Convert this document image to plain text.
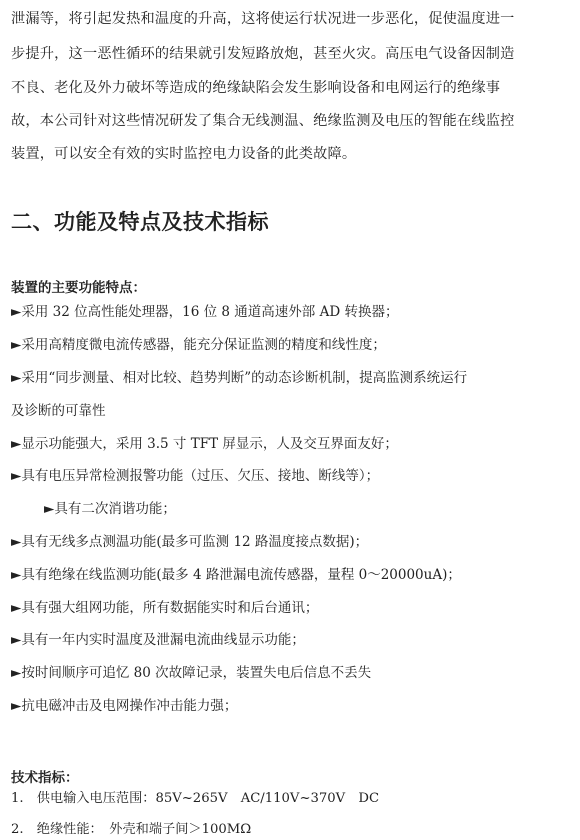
泄漏等，将引起发热和温度的升高，这将使运行状况进一步恶化，促使温度进一
步提升，这一恶性循环的结果就引发短路放炮，甚至火灾。高压电气设备因制造
不良、老化及外力破坏等造成的绝缘缺陷会发生影响设备和电网运行的绝缘事
故，本公司针对这些情况研发了集合无线测温、绝缘监测及电压的智能在线监控
装置，可以安全有效的实时监控电力设备的此类故障。
二、功能及特点及技术指标
装置的主要功能特点：
►采用 32 位高性能处理器，16 位 8 通道高速外部 AD 转换器；
►采用高精度微电流传感器，能充分保证监测的精度和线性度；
►采用“同步测量、相对比较、趋势判断”的动态诊断机制，提高监测系统运行
及诊断的可靠性
►显示功能强大，采用 3.5 寸 TFT 屏显示，人及交互界面友好；
►具有电压异常检测报警功能（过压、欠压、接地、断线等）；
►具有二次消谐功能；
►具有无线多点测温功能(最多可监测 12 路温度接点数据)；
►具有绝缘在线监测功能(最多 4 路泄漏电流传感器，量程 0～20000uA)；
►具有强大组网功能，所有数据能实时和后台通讯；
►具有一年内实时温度及泄漏电流曲线显示功能；
►按时间顺序可追忆 80 次故障记录，装置失电后信息不丢失
►抗电磁冲击及电网操作冲击能力强；
技术指标：
1.　供电输入电压范围：85V~265V　AC/110V~370V　DC
2.　绝缘性能：　外壳和端子间＞100MΩ
